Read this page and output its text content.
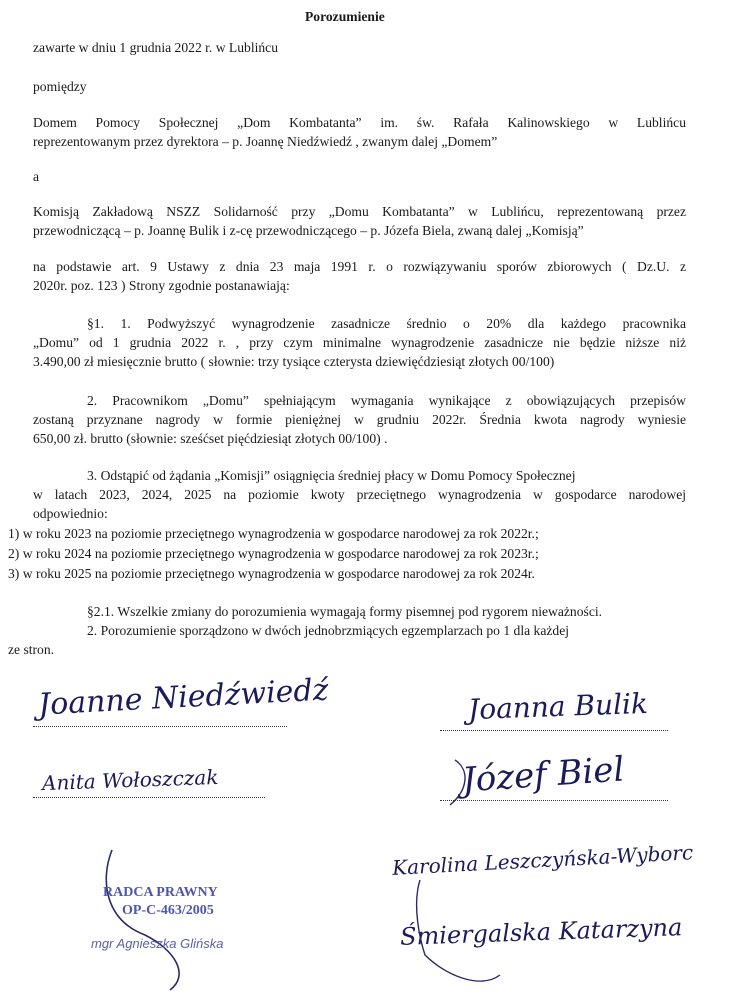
Porozumienie
zawarte w dniu 1 grudnia 2022 r. w Lublińcu
pomiędzy
Domem Pomocy Społecznej „Dom Kombatanta” im. św. Rafała Kalinowskiego w Lublińcu
reprezentowanym przez dyrektora – p. Joannę Niedźwiedź , zwanym dalej „Domem”
a
Komisją Zakładową NSZZ Solidarność przy „Domu Kombatanta” w Lublińcu, reprezentowaną przez
przewodniczącą – p. Joannę Bulik i z-cę przewodniczącego – p. Józefa Biela, zwaną dalej „Komisją”
na podstawie art. 9 Ustawy z dnia 23 maja 1991 r. o rozwiązywaniu sporów zbiorowych ( Dz.U. z
2020r. poz. 123 ) Strony zgodnie postanawiają:
§1. 1. Podwyższyć wynagrodzenie zasadnicze średnio o 20% dla każdego pracownika
„Domu” od 1 grudnia 2022 r. , przy czym minimalne wynagrodzenie zasadnicze nie będzie niższe niż
3.490,00 zł miesięcznie brutto ( słownie: trzy tysiące czterysta dziewięćdziesiąt złotych 00/100)
2. Pracownikom „Domu” spełniającym wymagania wynikające z obowiązujących przepisów
zostaną przyznane nagrody w formie pieniężnej w grudniu 2022r. Średnia kwota nagrody wyniesie
650,00 zł. brutto (słownie: sześćset pięćdziesiąt złotych 00/100) .
3. Odstąpić od żądania „Komisji” osiągnięcia średniej płacy w Domu Pomocy Społecznej
w latach 2023, 2024, 2025 na poziomie kwoty przeciętnego wynagrodzenia w gospodarce narodowej
odpowiednio:
1) w roku 2023 na poziomie przeciętnego wynagrodzenia w gospodarce narodowej za rok 2022r.;
2) w roku 2024 na poziomie przeciętnego wynagrodzenia w gospodarce narodowej za rok 2023r.;
3) w roku 2025 na poziomie przeciętnego wynagrodzenia w gospodarce narodowej za rok 2024r.
§2.1. Wszelkie zmiany do porozumienia wymagają formy pisemnej pod rygorem nieważności.
2. Porozumienie sporządzono w dwóch jednobrzmiących egzemplarzach po 1 dla każdej
ze stron.
Joanne Niedźwiedź
Anita Wołoszczak
Joanna Bulik
Józef Biel
Karolina Leszczyńska-Wyborc
Śmiergalska Katarzyna
RADCA PRAWNY
OP-C-463/2005
mgr Agnieszka Glińska
